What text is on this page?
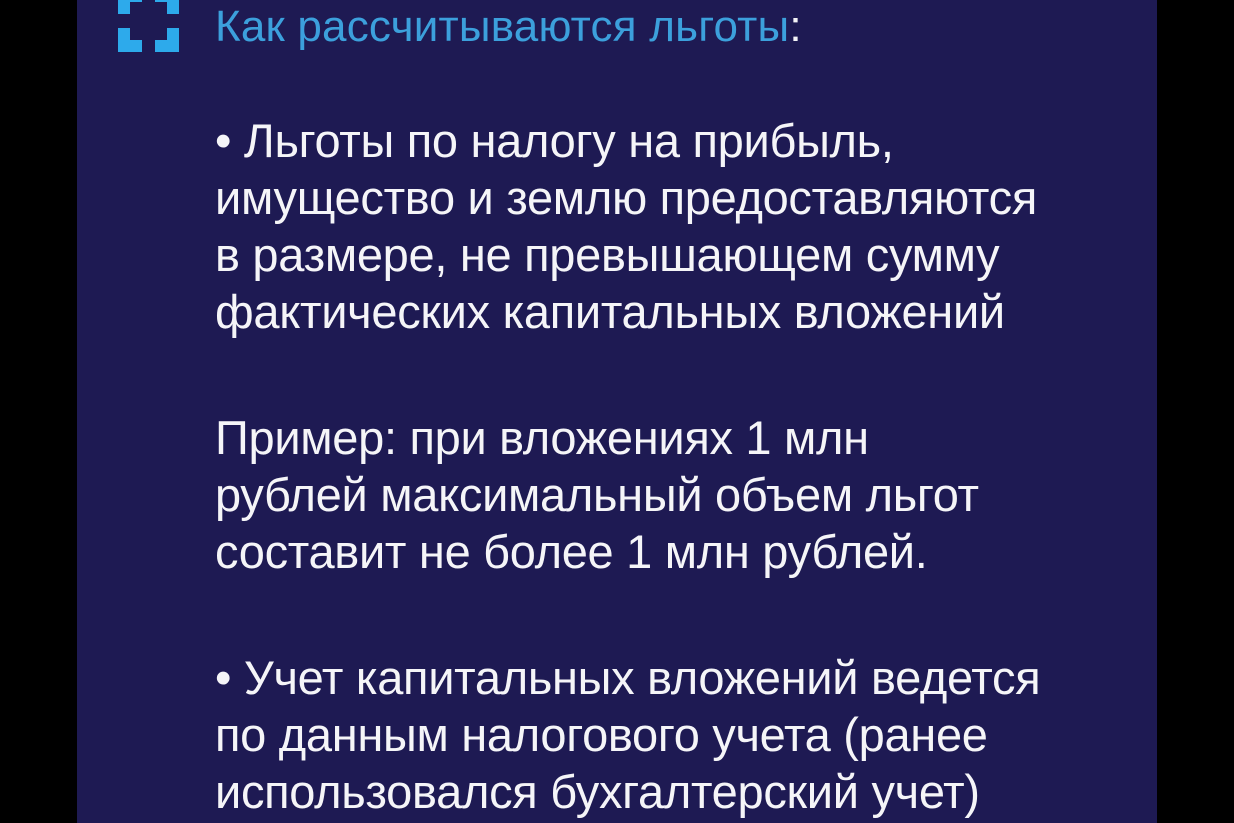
Как рассчитываются льготы:
• Льготы по налогу на прибыль,
имущество и землю предоставляются
в размере, не превышающем сумму
фактических капитальных вложений
Пример: при вложениях 1 млн
рублей максимальный объем льгот
составит не более 1 млн рублей.
• Учет капитальных вложений ведется
по данным налогового учета (ранее
использовался бухгалтерский учет)
